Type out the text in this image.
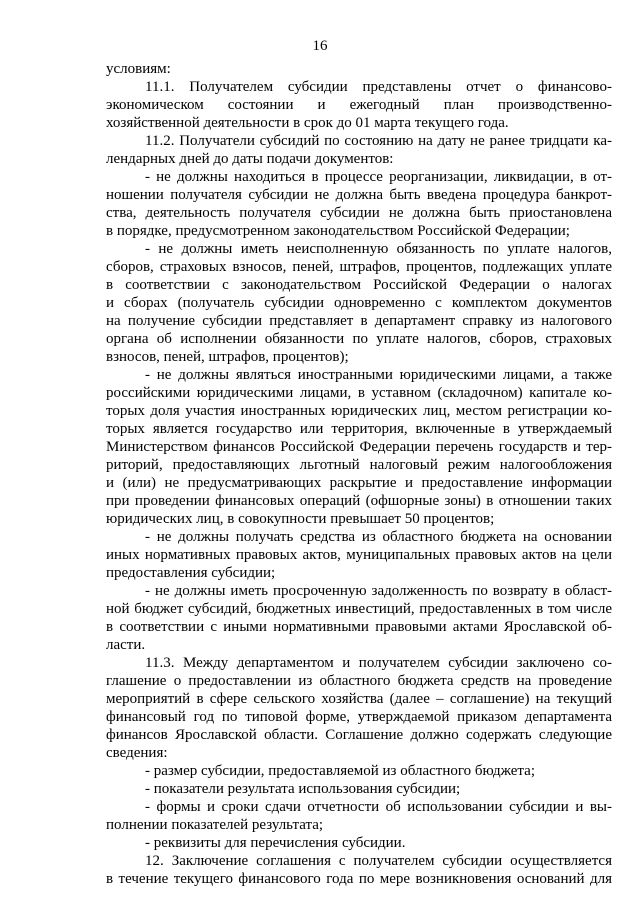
16
условиям:
11.1. Получателем субсидии представлены отчет о финансово-
экономическом состоянии и ежегодный план производственно-
хозяйственной деятельности в срок до 01 марта текущего года.
11.2. Получатели субсидий по состоянию на дату не ранее тридцати ка-
лендарных дней до даты подачи документов:
- не должны находиться в процессе реорганизации, ликвидации, в от-
ношении получателя субсидии не должна быть введена процедура банкрот-
ства, деятельность получателя субсидии не должна быть приостановлена
в порядке, предусмотренном законодательством Российской Федерации;
- не должны иметь неисполненную обязанность по уплате налогов,
сборов, страховых взносов, пеней, штрафов, процентов, подлежащих уплате
в соответствии с законодательством Российской Федерации о налогах
и сборах (получатель субсидии одновременно с комплектом документов
на получение субсидии представляет в департамент справку из налогового
органа об исполнении обязанности по уплате налогов, сборов, страховых
взносов, пеней, штрафов, процентов);
- не должны являться иностранными юридическими лицами, а также
российскими юридическими лицами, в уставном (складочном) капитале ко-
торых доля участия иностранных юридических лиц, местом регистрации ко-
торых является государство или территория, включенные в утверждаемый
Министерством финансов Российской Федерации перечень государств и тер-
риторий, предоставляющих льготный налоговый режим налогообложения
и (или) не предусматривающих раскрытие и предоставление информации
при проведении финансовых операций (офшорные зоны) в отношении таких
юридических лиц, в совокупности превышает 50 процентов;
- не должны получать средства из областного бюджета на основании
иных нормативных правовых актов, муниципальных правовых актов на цели
предоставления субсидии;
- не должны иметь просроченную задолженность по возврату в област-
ной бюджет субсидий, бюджетных инвестиций, предоставленных в том числе
в соответствии с иными нормативными правовыми актами Ярославской об-
ласти.
11.3. Между департаментом и получателем субсидии заключено со-
глашение о предоставлении из областного бюджета средств на проведение
мероприятий в сфере сельского хозяйства (далее – соглашение) на текущий
финансовый год по типовой форме, утверждаемой приказом департамента
финансов Ярославской области. Соглашение должно содержать следующие
сведения:
- размер субсидии, предоставляемой из областного бюджета;
- показатели результата использования субсидии;
- формы и сроки сдачи отчетности об использовании субсидии и вы-
полнении показателей результата;
- реквизиты для перечисления субсидии.
12. Заключение соглашения с получателем субсидии осуществляется
в течение текущего финансового года по мере возникновения оснований для
